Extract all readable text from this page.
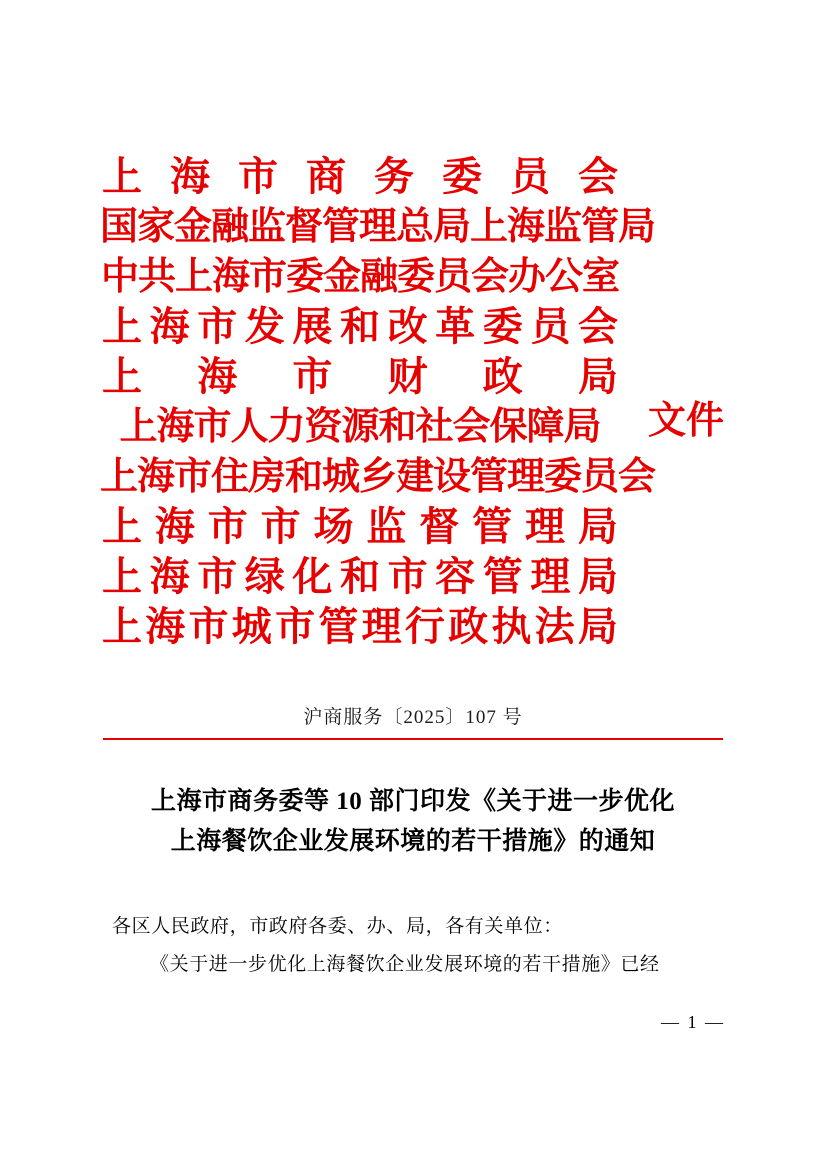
上 海 市 商 务 委 员 会
国家金融监督管理总局上海监管局
中共上海市委金融委员会办公室
上 海 市 发 展 和 改 革 委 员 会
上 海 市 财 政 局
上海市人力资源和社会保障局
上海市住房和城乡建设管理委员会
上 海 市 市 场 监 督 管 理 局
上 海 市 绿 化 和 市 容 管 理 局
上 海 市 城 市 管 理 行 政 执 法 局
文件
沪商服务〔2025〕107 号
上海市商务委等 10 部门印发《关于进一步优化
上海餐饮企业发展环境的若干措施》的通知
各区人民政府，市政府各委、办、局，各有关单位：
《关于进一步优化上海餐饮企业发展环境的若干措施》已经
— 1 —
